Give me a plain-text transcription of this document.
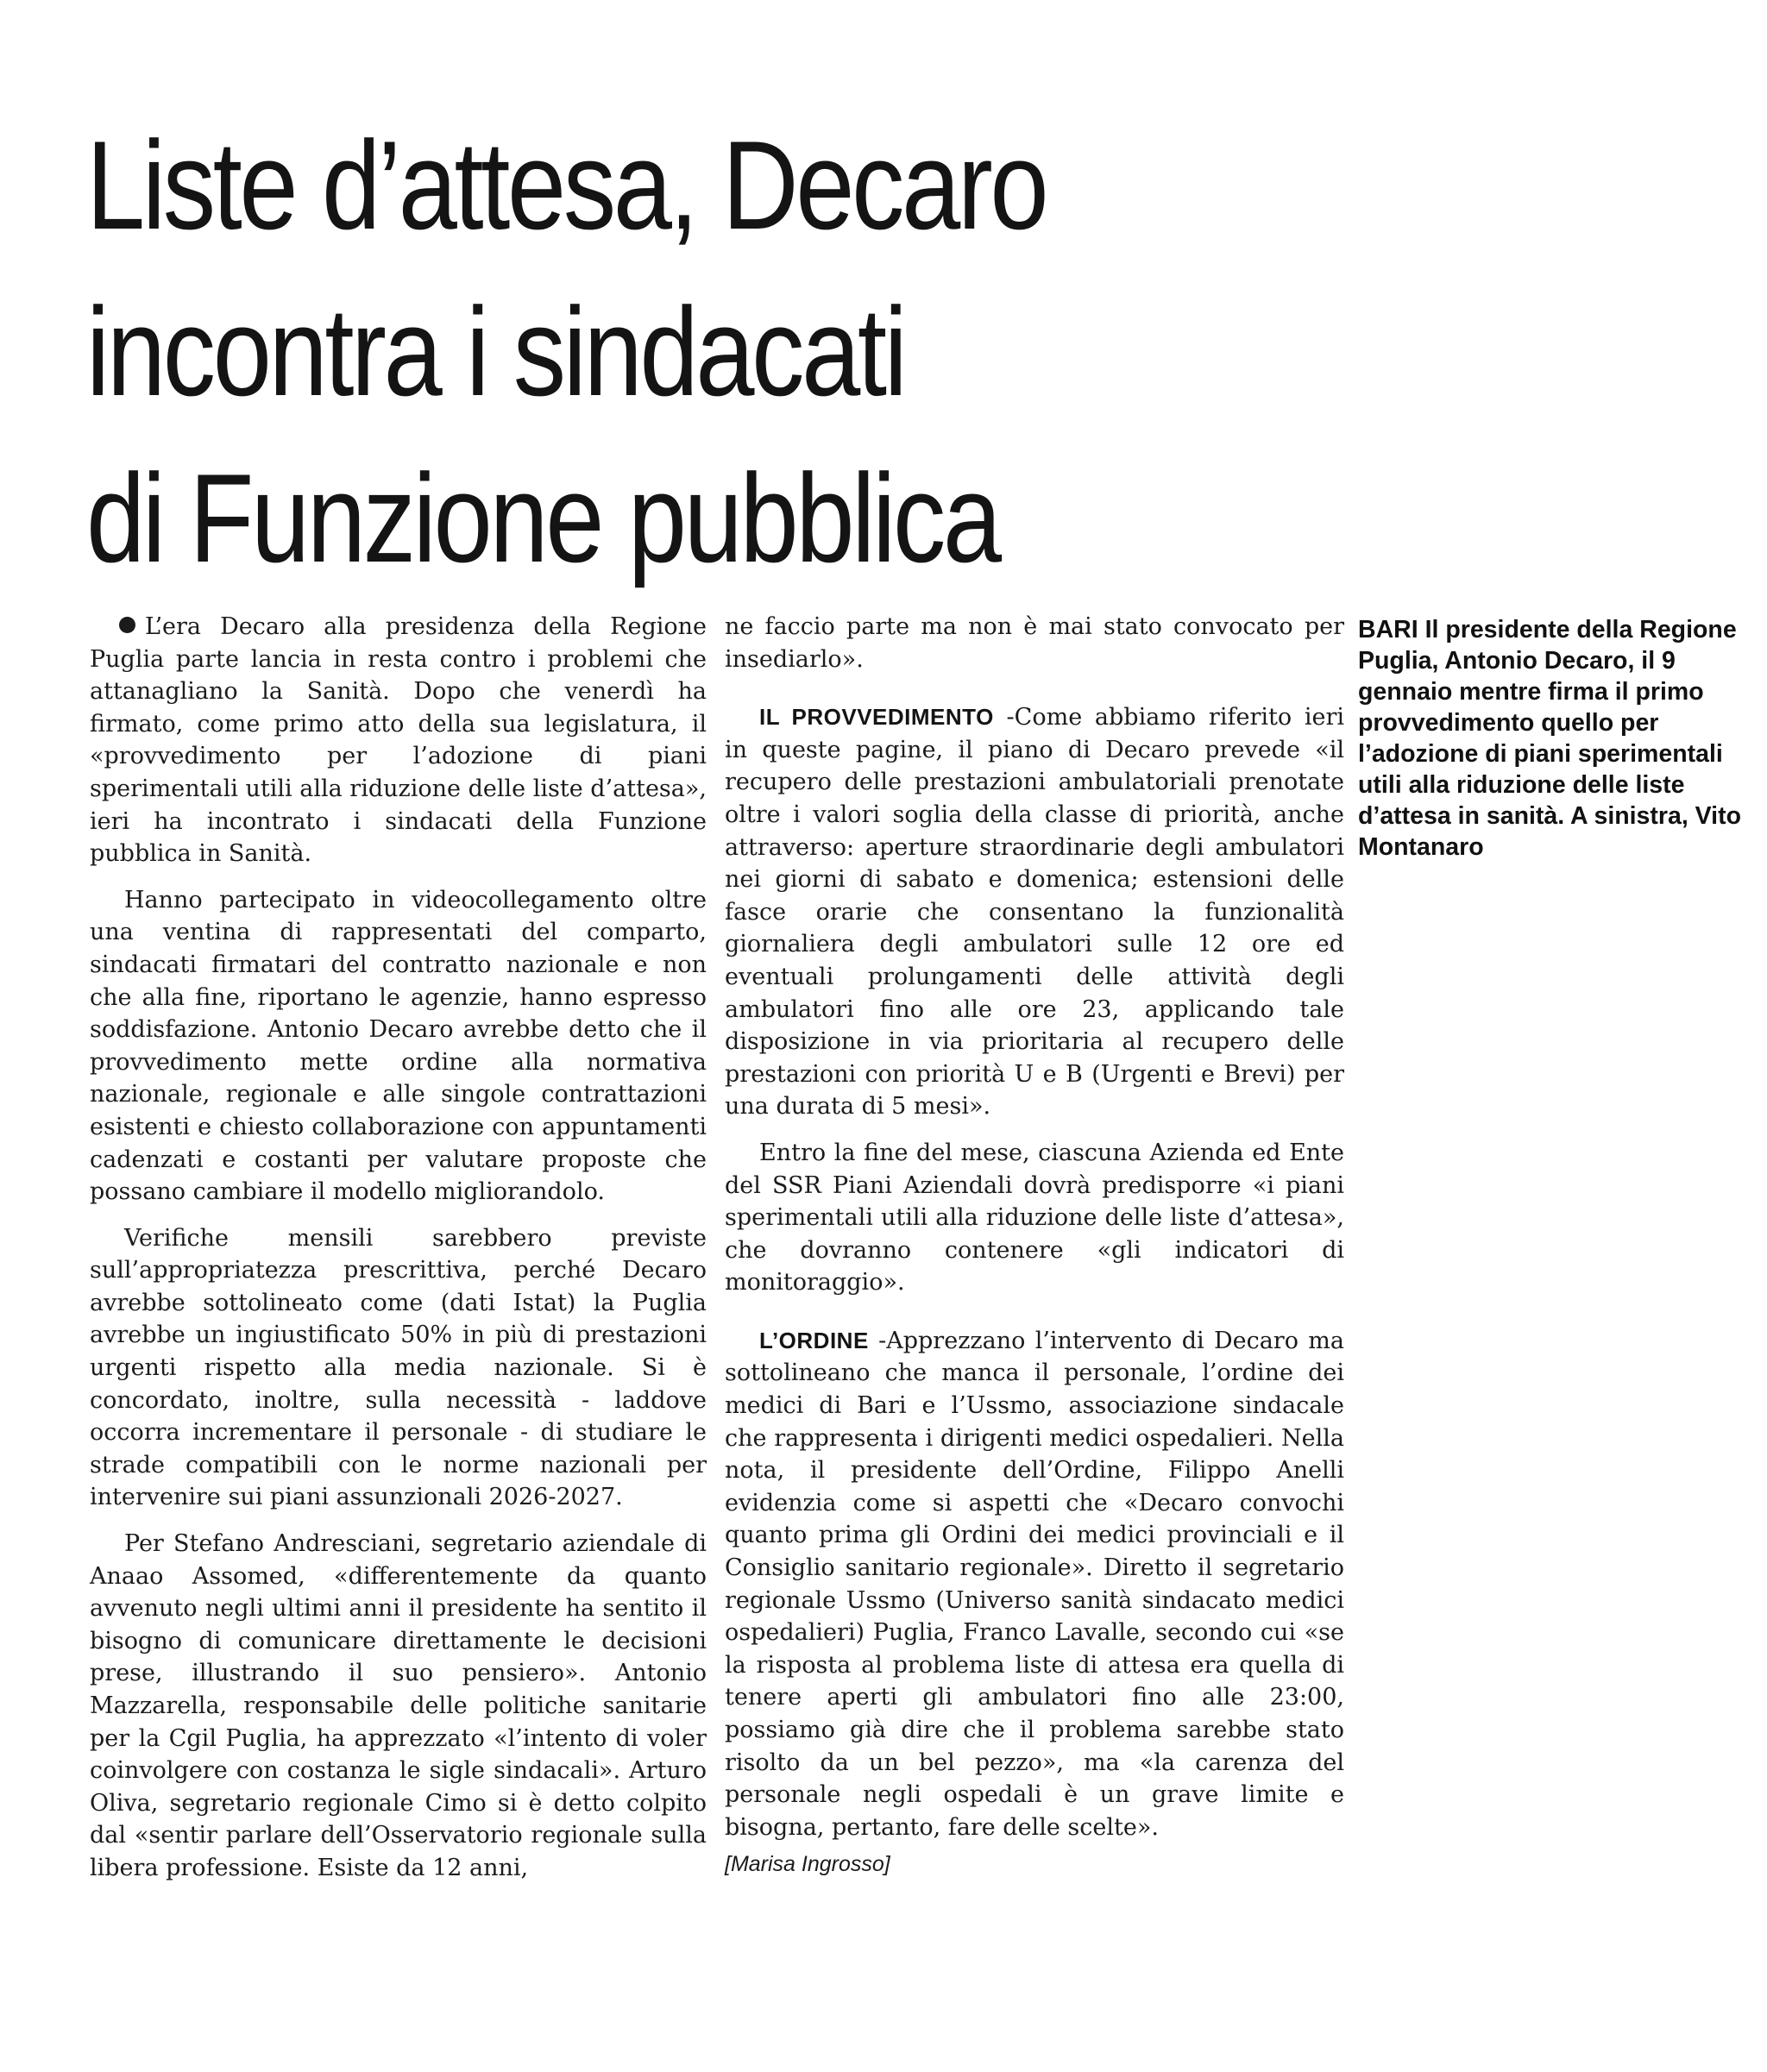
Liste d’attesa, Decaro
incontra i sindacati
di Funzione pubblica

L’era Decaro alla presidenza della Regione Puglia parte lancia in resta contro i problemi che attanagliano la Sanità. Dopo che venerdì ha firmato, come primo atto della sua legislatura, il «provvedimento per l’adozione di piani sperimentali utili alla riduzione delle liste d’attesa», ieri ha incontrato i sindacati della Funzione pubblica in Sanità.

Hanno partecipato in videocollegamento oltre una ventina di rappresentati del comparto, sindacati firmatari del contratto nazionale e non che alla fine, riportano le agenzie, hanno espresso soddisfazione. Antonio Decaro avrebbe detto che il provvedimento mette ordine alla normativa nazionale, regionale e alle singole contrattazioni esistenti e chiesto collaborazione con appuntamenti cadenzati e costanti per valutare proposte che possano cambiare il modello migliorandolo.

Verifiche mensili sarebbero previste sull’appropriatezza prescrittiva, perché Decaro avrebbe sottolineato come (dati Istat) la Puglia avrebbe un ingiustificato 50% in più di prestazioni urgenti rispetto alla media nazionale. Si è concordato, inoltre, sulla necessità - laddove occorra incrementare il personale - di studiare le strade compatibili con le norme nazionali per intervenire sui piani assunzionali 2026-2027.

Per Stefano Andresciani, segretario aziendale di Anaao Assomed, «differentemente da quanto avvenuto negli ultimi anni il presidente ha sentito il bisogno di comunicare direttamente le decisioni prese, illustrando il suo pensiero». Antonio Mazzarella, responsabile delle politiche sanitarie per la Cgil Puglia, ha apprezzato «l’intento di voler coinvolgere con costanza le sigle sindacali». Arturo Oliva, segretario regionale Cimo si è detto colpito dal «sentir parlare dell’Osservatorio regionale sulla libera professione. Esiste da 12 anni,

ne faccio parte ma non è mai stato convocato per insediarlo».

IL PROVVEDIMENTO -Come abbiamo riferito ieri in queste pagine, il piano di Decaro prevede «il recupero delle prestazioni ambulatoriali prenotate oltre i valori soglia della classe di priorità, anche attraverso: aperture straordinarie degli ambulatori nei giorni di sabato e domenica; estensioni delle fasce orarie che consentano la funzionalità giornaliera degli ambulatori sulle 12 ore ed eventuali prolungamenti delle attività degli ambulatori fino alle ore 23, applicando tale disposizione in via prioritaria al recupero delle prestazioni con priorità U e B (Urgenti e Brevi) per una durata di 5 mesi».

Entro la fine del mese, ciascuna Azienda ed Ente del SSR Piani Aziendali dovrà predisporre «i piani sperimentali utili alla riduzione delle liste d’attesa», che dovranno contenere «gli indicatori di monitoraggio».

L’ORDINE -Apprezzano l’intervento di Decaro ma sottolineano che manca il personale, l’ordine dei medici di Bari e l’Ussmo, associazione sindacale che rappresenta i dirigenti medici ospedalieri. Nella nota, il presidente dell’Ordine, Filippo Anelli evidenzia come si aspetti che «Decaro convochi quanto prima gli Ordini dei medici provinciali e il Consiglio sanitario regionale». Diretto il segretario regionale Ussmo (Universo sanità sindacato medici ospedalieri) Puglia, Franco Lavalle, secondo cui «se la risposta al problema liste di attesa era quella di tenere aperti gli ambulatori fino alle 23:00, possiamo già dire che il problema sarebbe stato risolto da un bel pezzo», ma «la carenza del personale negli ospedali è un grave limite e bisogna, pertanto, fare delle scelte».

[Marisa Ingrosso]

BARI Il presidente della Regione Puglia, Antonio Decaro, il 9 gennaio mentre firma il primo provvedimento quello per l’adozione di piani sperimentali utili alla riduzione delle liste d’attesa in sanità. A sinistra, Vito Montanaro
